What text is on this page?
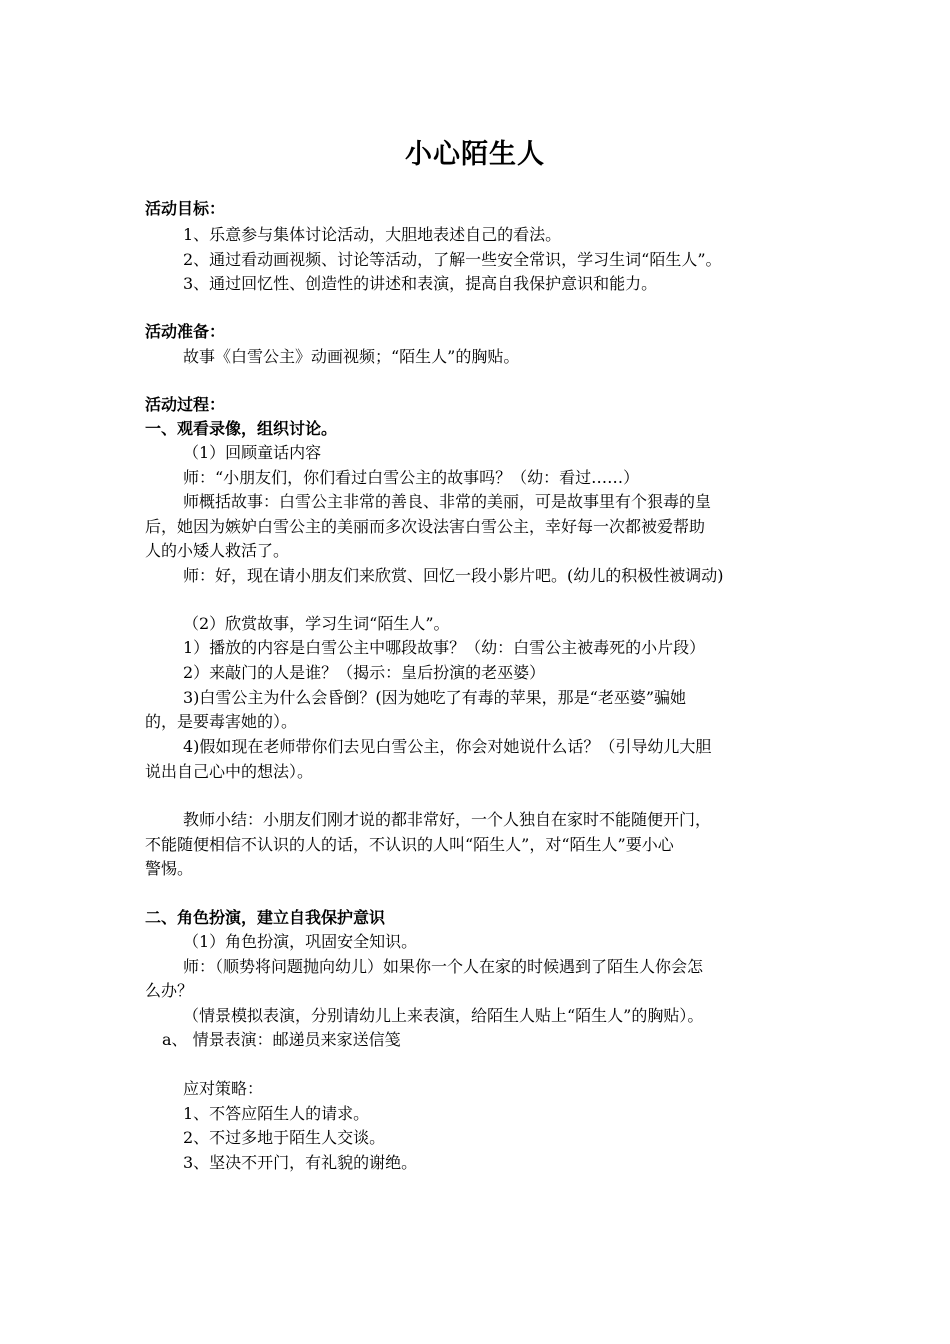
小心陌生人
活动目标：
1、乐意参与集体讨论活动，大胆地表述自己的看法。
2、通过看动画视频、讨论等活动，了解一些安全常识，学习生词“陌生人”。
3、通过回忆性、创造性的讲述和表演，提高自我保护意识和能力。
活动准备：
故事《白雪公主》动画视频；“陌生人”的胸贴。
活动过程：
一、观看录像，组织讨论。
（1）回顾童话内容
师：“小朋友们，你们看过白雪公主的故事吗？（幼：看过……）
师概括故事：白雪公主非常的善良、非常的美丽，可是故事里有个狠毒的皇
后，她因为嫉妒白雪公主的美丽而多次设法害白雪公主，幸好每一次都被爱帮助
人的小矮人救活了。
师：好，现在请小朋友们来欣赏、回忆一段小影片吧。(幼儿的积极性被调动)
（2）欣赏故事，学习生词“陌生人”。
1）播放的内容是白雪公主中哪段故事？（幼：白雪公主被毒死的小片段）
2）来敲门的人是谁？（揭示：皇后扮演的老巫婆）
3)白雪公主为什么会昏倒？(因为她吃了有毒的苹果，那是“老巫婆”骗她
的，是要毒害她的）。
4)假如现在老师带你们去见白雪公主，你会对她说什么话？（引导幼儿大胆
说出自己心中的想法）。
教师小结：小朋友们刚才说的都非常好，一个人独自在家时不能随便开门，
不能随便相信不认识的人的话，不认识的人叫“陌生人”，对“陌生人”要小心
警惕。
二、角色扮演，建立自我保护意识
（1）角色扮演，巩固安全知识。
师：（顺势将问题抛向幼儿）如果你一个人在家的时候遇到了陌生人你会怎
么办？
（情景模拟表演，分别请幼儿上来表演，给陌生人贴上“陌生人”的胸贴）。
a、 情景表演：邮递员来家送信笺
应对策略：
1、不答应陌生人的请求。
2、不过多地于陌生人交谈。
3、坚决不开门，有礼貌的谢绝。
